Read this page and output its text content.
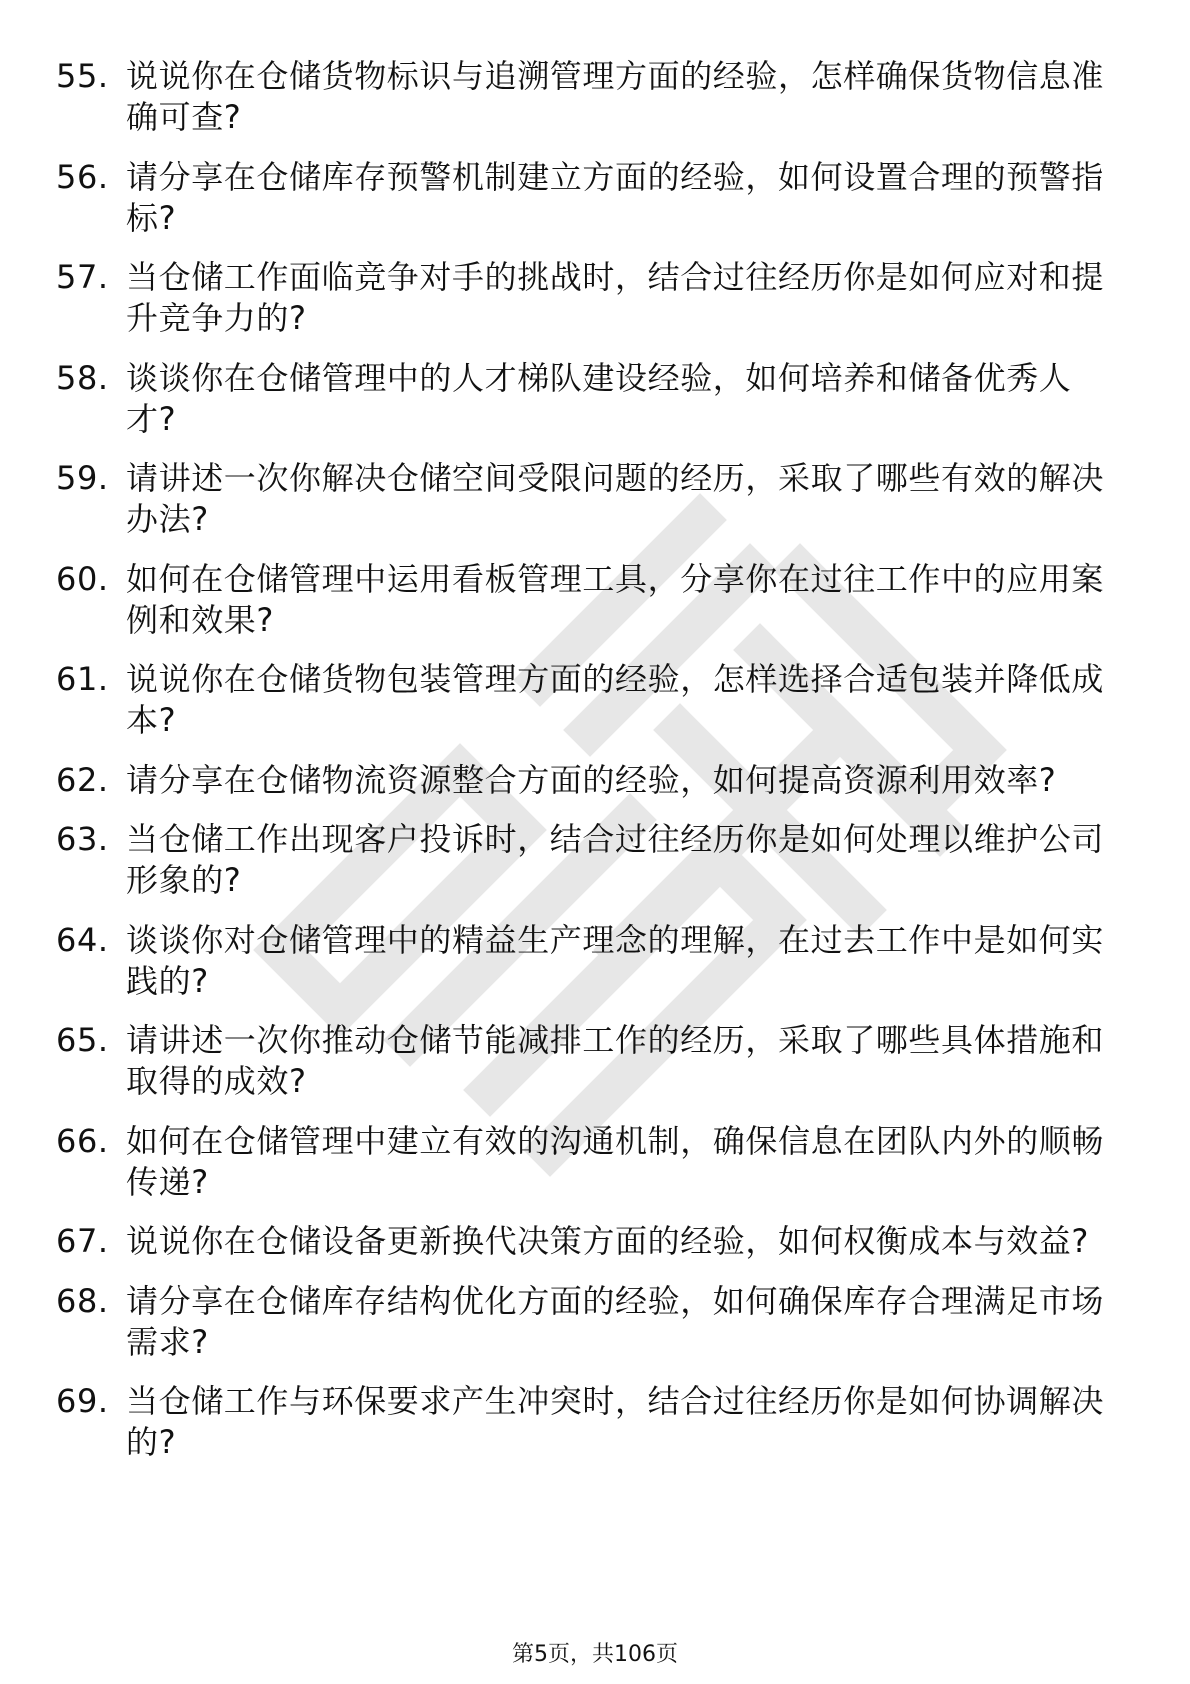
55. 说说你在仓储货物标识与追溯管理方面的经验，怎样确保货物信息准确可查?
56. 请分享在仓储库存预警机制建立方面的经验，如何设置合理的预警指标?
57. 当仓储工作面临竞争对手的挑战时，结合过往经历你是如何应对和提升竞争力的?
58. 谈谈你在仓储管理中的人才梯队建设经验，如何培养和储备优秀人才?
59. 请讲述一次你解决仓储空间受限问题的经历，采取了哪些有效的解决办法?
60. 如何在仓储管理中运用看板管理工具，分享你在过往工作中的应用案例和效果?
61. 说说你在仓储货物包装管理方面的经验，怎样选择合适包装并降低成本?
62. 请分享在仓储物流资源整合方面的经验，如何提高资源利用效率?
63. 当仓储工作出现客户投诉时，结合过往经历你是如何处理以维护公司形象的?
64. 谈谈你对仓储管理中的精益生产理念的理解，在过去工作中是如何实践的?
65. 请讲述一次你推动仓储节能减排工作的经历，采取了哪些具体措施和取得的成效?
66. 如何在仓储管理中建立有效的沟通机制，确保信息在团队内外的顺畅传递?
67. 说说你在仓储设备更新换代决策方面的经验，如何权衡成本与效益?
68. 请分享在仓储库存结构优化方面的经验，如何确保库存合理满足市场需求?
69. 当仓储工作与环保要求产生冲突时，结合过往经历你是如何协调解决的?
第5页，共106页
